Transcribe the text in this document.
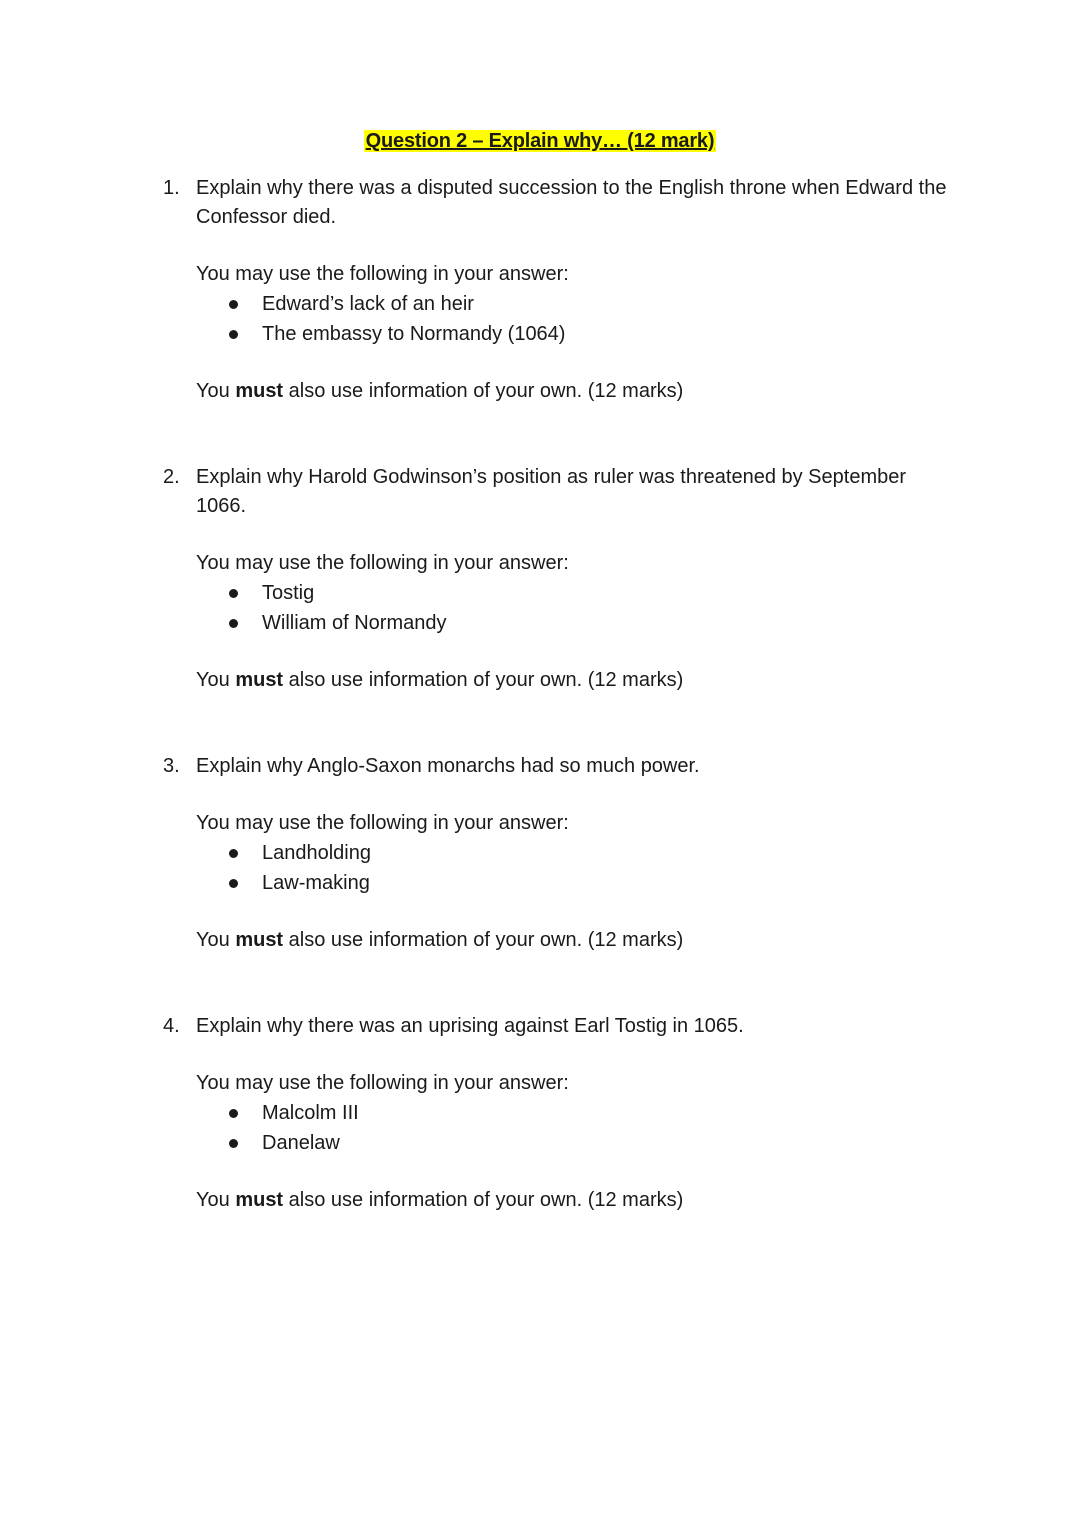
Question 2 – Explain why… (12 mark)
1. Explain why there was a disputed succession to the English throne when Edward the Confessor died.
You may use the following in your answer:
Edward’s lack of an heir
The embassy to Normandy (1064)
You must also use information of your own. (12 marks)
2. Explain why Harold Godwinson’s position as ruler was threatened by September 1066.
You may use the following in your answer:
Tostig
William of Normandy
You must also use information of your own. (12 marks)
3. Explain why Anglo-Saxon monarchs had so much power.
You may use the following in your answer:
Landholding
Law-making
You must also use information of your own. (12 marks)
4. Explain why there was an uprising against Earl Tostig in 1065.
You may use the following in your answer:
Malcolm III
Danelaw
You must also use information of your own. (12 marks)
